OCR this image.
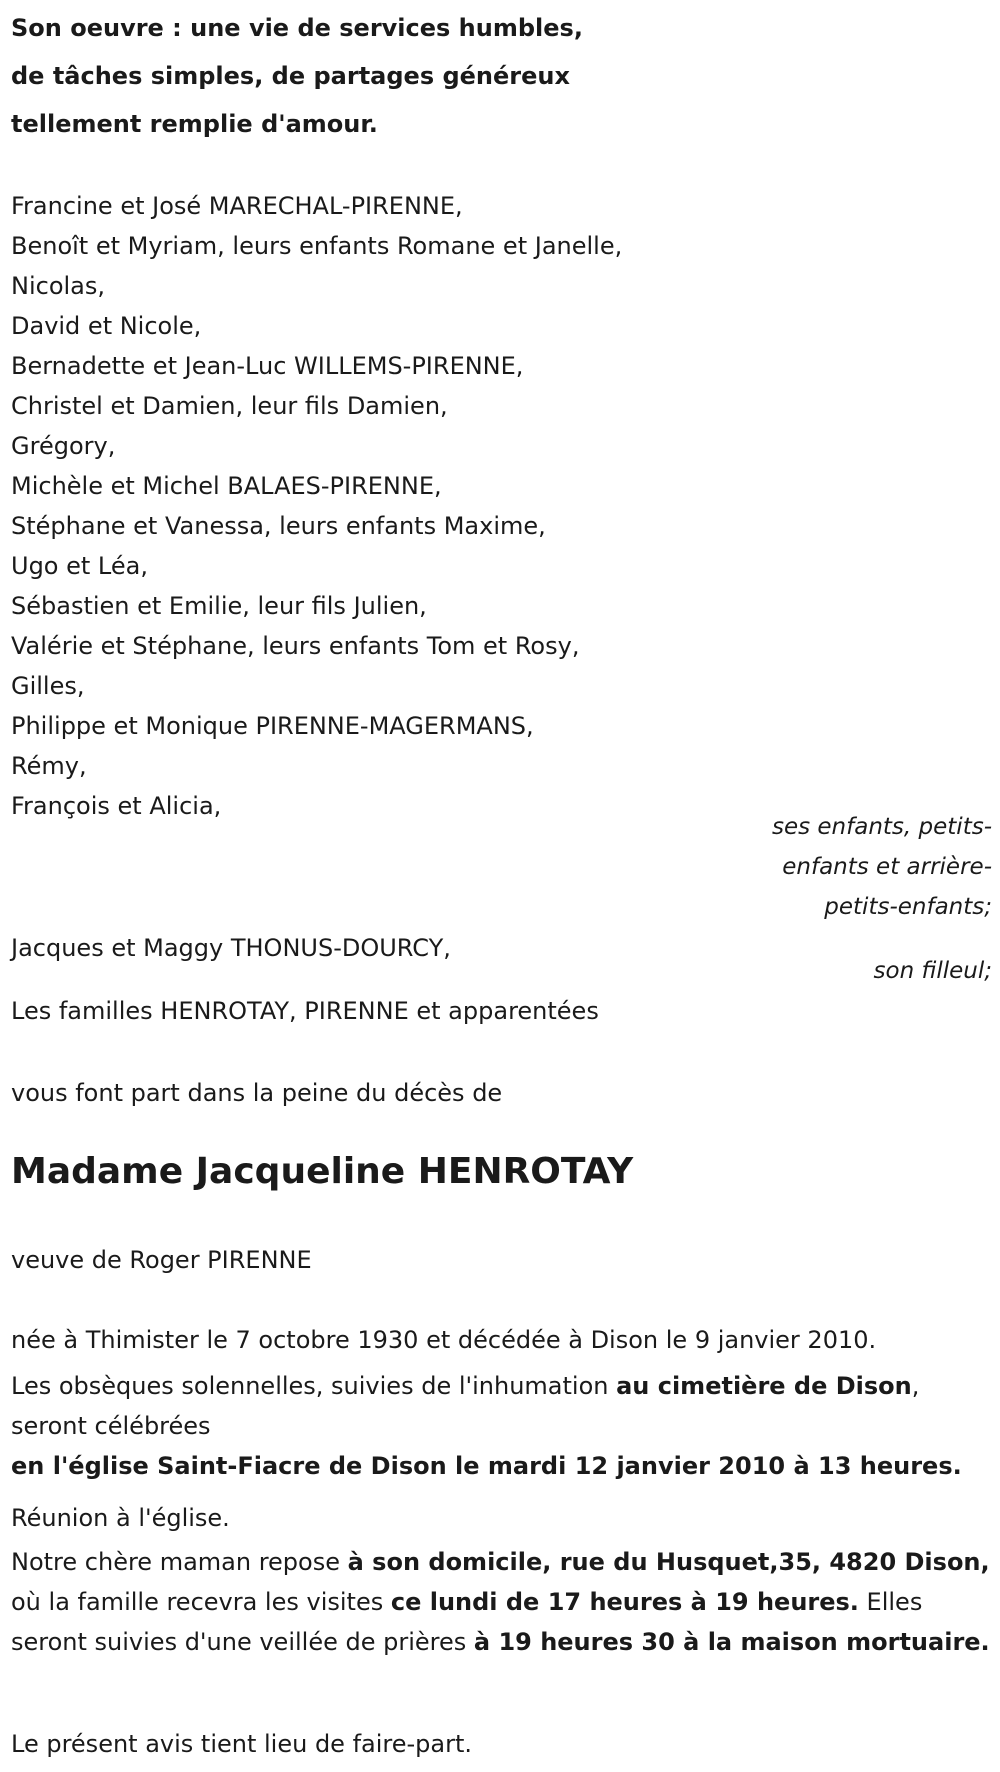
Son oeuvre : une vie de services humbles,
de tâches simples, de partages généreux
tellement remplie d'amour.
Francine et José MARECHAL-PIRENNE,
Benoît et Myriam, leurs enfants Romane et Janelle,
Nicolas,
David et Nicole,
Bernadette et Jean-Luc WILLEMS-PIRENNE,
Christel et Damien, leur fils Damien,
Grégory,
Michèle et Michel BALAES-PIRENNE,
Stéphane et Vanessa, leurs enfants Maxime,
Ugo et Léa,
Sébastien et Emilie, leur fils Julien,
Valérie et Stéphane, leurs enfants Tom et Rosy,
Gilles,
Philippe et Monique PIRENNE-MAGERMANS,
Rémy,
François et Alicia,
ses enfants, petits-
enfants et arrière-
petits-enfants;
Jacques et Maggy THONUS-DOURCY,
son filleul;
Les familles HENROTAY, PIRENNE et apparentées
vous font part dans la peine du décès de
Madame Jacqueline HENROTAY
veuve de Roger PIRENNE
née à Thimister le 7 octobre 1930 et décédée à Dison le 9 janvier 2010.

Les obsèques solennelles, suivies de l'inhumation au cimetière de Dison, seront célébrées
en l'église Saint-Fiacre de Dison le mardi 12 janvier 2010 à 13 heures.

Réunion à l'église.

Notre chère maman repose à son domicile, rue du Husquet,35, 4820 Dison, où la famille recevra les visites ce lundi de 17 heures à 19 heures. Elles seront suivies d'une veillée de prières à 19 heures 30 à la maison mortuaire.

Le présent avis tient lieu de faire-part.
